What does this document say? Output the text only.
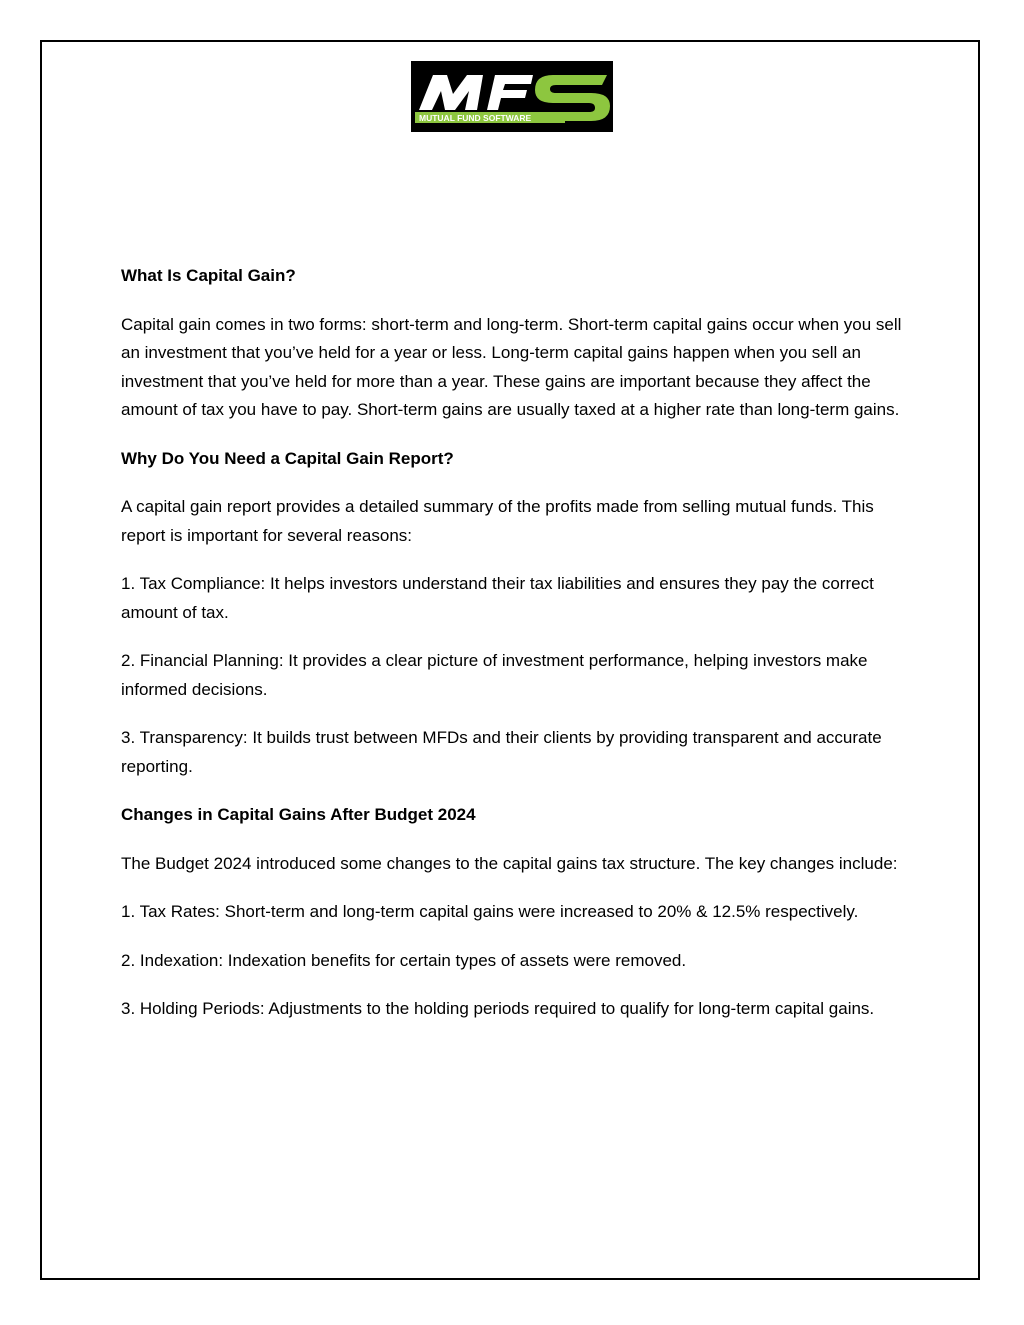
MUTUAL FUND SOFTWARE
What Is Capital Gain?

Capital gain comes in two forms: short-term and long-term. Short-term capital gains occur when you sell an investment that you’ve held for a year or less. Long-term capital gains happen when you sell an investment that you’ve held for more than a year. These gains are important because they affect the amount of tax you have to pay. Short-term gains are usually taxed at a higher rate than long-term gains.

Why Do You Need a Capital Gain Report?

A capital gain report provides a detailed summary of the profits made from selling mutual funds. This report is important for several reasons:

1. Tax Compliance: It helps investors understand their tax liabilities and ensures they pay the correct amount of tax.

2. Financial Planning: It provides a clear picture of investment performance, helping investors make informed decisions.

3. Transparency: It builds trust between MFDs and their clients by providing transparent and accurate reporting.

Changes in Capital Gains After Budget 2024

The Budget 2024 introduced some changes to the capital gains tax structure. The key changes include:

1. Tax Rates: Short-term and long-term capital gains were increased to 20% & 12.5% respectively.

2. Indexation: Indexation benefits for certain types of assets were removed.

3. Holding Periods: Adjustments to the holding periods required to qualify for long-term capital gains.
